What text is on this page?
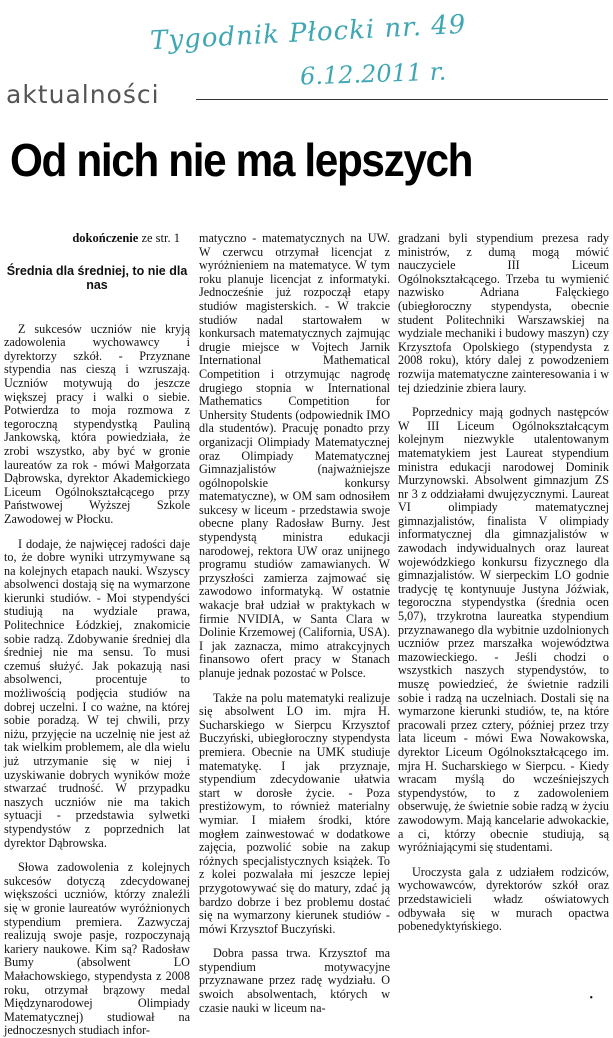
Tygodnik Płocki nr. 49
6.12.2011 r.
aktualności
Od nich nie ma lepszych
dokończenie ze str. 1
Średnia dla średniej, to nie dla nas

Z sukcesów uczniów nie kryją zadowolenia wychowawcy i dyrektorzy szkół. - Przyznane stypendia nas cieszą i wzruszają. Uczniów motywują do jeszcze większej pracy i walki o siebie. Potwierdza to moja rozmowa z tegoroczną stypendystką Pauliną Jankowską, która powiedziała, że zrobi wszystko, aby być w gronie laureatów za rok - mówi Małgorzata Dąbrowska, dyrektor Akademickiego Liceum Ogólnokształcącego przy Państwowej Wyższej Szkole Zawodowej w Płocku.

I dodaje, że najwięcej radości daje to, że dobre wyniki utrzymywane są na kolejnych etapach nauki. Wszyscy absolwenci dostają się na wymarzone kierunki studiów. - Moi stypendyści studiują na wydziale prawa, Politechnice Łódzkiej, znakomicie sobie radzą. Zdobywanie średniej dla średniej nie ma sensu. To musi czemuś służyć. Jak pokazują nasi absolwenci, procentuje to możliwością podjęcia studiów na dobrej uczelni. I co ważne, na której sobie poradzą. W tej chwili, przy niżu, przyjęcie na uczelnię nie jest aż tak wielkim problemem, ale dla wielu już utrzymanie się w niej i uzyskiwanie dobrych wyników może stwarzać trudność. W przypadku naszych uczniów nie ma takich sytuacji - przedstawia sylwetki stypendystów z poprzednich lat dyrektor Dąbrowska.

Słowa zadowolenia z kolejnych sukcesów dotyczą zdecydowanej większości uczniów, którzy znaleźli się w gronie laureatów wyróżnionych stypendium premiera. Zazwyczaj realizują swoje pasje, rozpoczynają kariery naukowe. Kim są? Radosław Bumy (absolwent LO Małachowskiego, stypendysta z 2008 roku, otrzymał brązowy medal Międzynarodowej Olimpiady Matematycznej) studiował na jednoczesnych studiach infor-

matyczno - matematycznych na UW. W czerwcu otrzymał licencjat z wyróżnieniem na matematyce. W tym roku planuje licencjat z informatyki. Jednocześnie już rozpoczął etapy studiów magisterskich. - W trakcie studiów nadal startowałem w konkursach matematycznych zajmując drugie miejsce w Vojtech Jarnik International Mathematical Competition i otrzymując nagrodę drugiego stopnia w International Mathematics Competition for Unhersity Students (odpowiednik IMO dla studentów). Pracuję ponadto przy organizacji Olimpiady Matematycznej oraz Olimpiady Matematycznej Gimnazjalistów (najważniejsze ogólnopolskie konkursy matematyczne), w OM sam odnosiłem sukcesy w liceum - przedstawia swoje obecne plany Radosław Burny. Jest stypendystą ministra edukacji narodowej, rektora UW oraz unijnego programu studiów zamawianych. W przyszłości zamierza zajmować się zawodowo informatyką. W ostatnie wakacje brał udział w praktykach w firmie NVIDIA, w Santa Clara w Dolinie Krzemowej (California, USA). I jak zaznacza, mimo atrakcyjnych finansowo ofert pracy w Stanach planuje jednak pozostać w Polsce.

Także na polu matematyki realizuje się absolwent LO im. mjra H. Sucharskiego w Sierpcu Krzysztof Buczyński, ubiegłoroczny stypendysta premiera. Obecnie na UMK studiuje matematykę. I jak przyznaje, stypendium zdecydowanie ułatwia start w dorosłe życie. - Poza prestiżowym, to również materialny wymiar. I miałem środki, które mogłem zainwestować w dodatkowe zajęcia, pozwolić sobie na zakup różnych specjalistycznych książek. To z kolei pozwalała mi jeszcze lepiej przygotowywać się do matury, zdać ją bardzo dobrze i bez problemu dostać się na wymarzony kierunek studiów - mówi Krzysztof Buczyński.

Dobra passa trwa. Krzysztof ma stypendium motywacyjne przyznawane przez radę wydziału. O swoich absolwentach, których w czasie nauki w liceum na-

gradzani byli stypendium prezesa rady ministrów, z dumą mogą mówić nauczyciele III Liceum Ogólnokształcącego. Trzeba tu wymienić nazwisko Adriana Falęckiego (ubiegłoroczny stypendysta, obecnie student Politechniki Warszawskiej na wydziale mechaniki i budowy maszyn) czy Krzysztofa Opolskiego (stypendysta z 2008 roku), który dalej z powodzeniem rozwija matematyczne zainteresowania i w tej dziedzinie zbiera laury.

Poprzednicy mają godnych następców W III Liceum Ogólnokształcącym kolejnym niezwykle utalentowanym matematykiem jest Laureat stypendium ministra edukacji narodowej Dominik Murzynowski. Absolwent gimnazjum ZS nr 3 z oddziałami dwujęzycznymi. Laureat VI olimpiady matematycznej gimnazjalistów, finalista V olimpiady informatycznej dla gimnazjalistów w zawodach indywidualnych oraz laureat wojewódzkiego konkursu fizycznego dla gimnazjalistów. W sierpeckim LO godnie tradycję tę kontynuuje Justyna Jóźwiak, tegoroczna stypendystka (średnia ocen 5,07), trzykrotna laureatka stypendium przyznawanego dla wybitnie uzdolnionych uczniów przez marszałka województwa mazowieckiego. - Jeśli chodzi o wszystkich naszych stypendystów, to muszę powiedzieć, że świetnie radzili sobie i radzą na uczelniach. Dostali się na wymarzone kierunki studiów, te, na które pracowali przez cztery, później przez trzy lata liceum - mówi Ewa Nowakowska, dyrektor Liceum Ogólnokształcącego im. mjra H. Sucharskiego w Sierpcu. - Kiedy wracam myślą do wcześniejszych stypendystów, to z zadowoleniem obserwuję, że świetnie sobie radzą w życiu zawodowym. Mają kancelarie adwokackie, a ci, którzy obecnie studiują, są wyróżniającymi się studentami.

Uroczysta gala z udziałem rodziców, wychowawców, dyrektorów szkół oraz przedstawicieli władz oświatowych odbywała się w murach opactwa pobenedyktyńskiego.

•
